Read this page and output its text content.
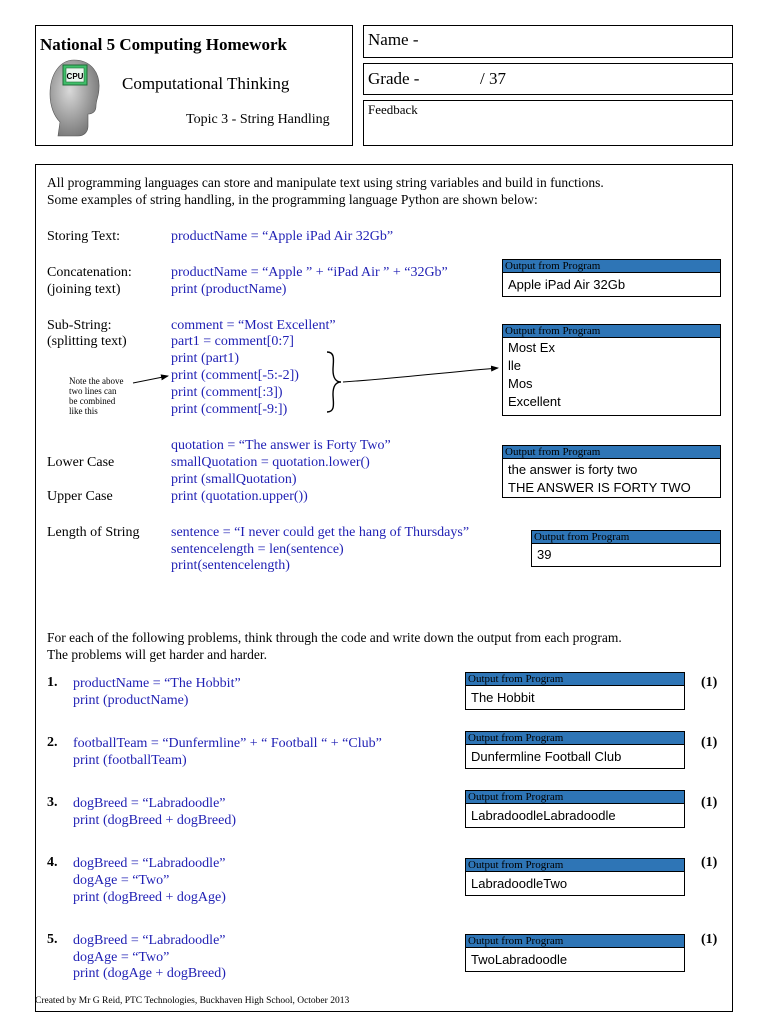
National 5 Computing Homework
CPU Computational Thinking
Topic 3 - String Handling
Name -
Grade -	/ 37
Feedback
All programming languages can store and manipulate text using string variables and build in functions.
Some examples of string handling, in the programming language Python are shown below:
Storing Text:	productName = “Apple iPad Air 32Gb”
Concatenation:
(joining text)
productName = “Apple ” + “iPad Air ” + “32Gb”
print (productName)
Output from Program
Apple iPad Air 32Gb
Sub-String:
(splitting text)
comment = “Most Excellent”
part1 = comment[0:7]
print (part1)
print (comment[-5:-2])
print (comment[:3])
print (comment[-9:])
Note the above
two lines can
be combined
like this
Output from Program
Most Ex
lle
Mos
Excellent
quotation = “The answer is Forty Two”
Lower Case	smallQuotation = quotation.lower()
print (smallQuotation)
Upper Case	print (quotation.upper())
Output from Program
the answer is forty two
THE ANSWER IS FORTY TWO
Length of String sentence = “I never could get the hang of Thursdays”
sentencelength = len(sentence)
print(sentencelength)
Output from Program
39
For each of the following problems, think through the code and write down the output from each program.
The problems will get harder and harder.
1. productName = “The Hobbit”
print (productName)
Output from Program
The Hobbit
(1)
2. footballTeam = “Dunfermline” + “ Football “ + “Club”
print (footballTeam)
Output from Program
Dunfermline Football Club
(1)
3. dogBreed = “Labradoodle”
print (dogBreed + dogBreed)
Output from Program
LabradoodleLabradoodle
(1)
4. dogBreed = “Labradoodle”
dogAge = “Two”
print (dogBreed + dogAge)
Output from Program
LabradoodleTwo
(1)
5. dogBreed = “Labradoodle”
dogAge = “Two”
print (dogAge + dogBreed)
Output from Program
TwoLabradoodle
(1)
Created by Mr G Reid, PTC Technologies, Buckhaven High School, October 2013
